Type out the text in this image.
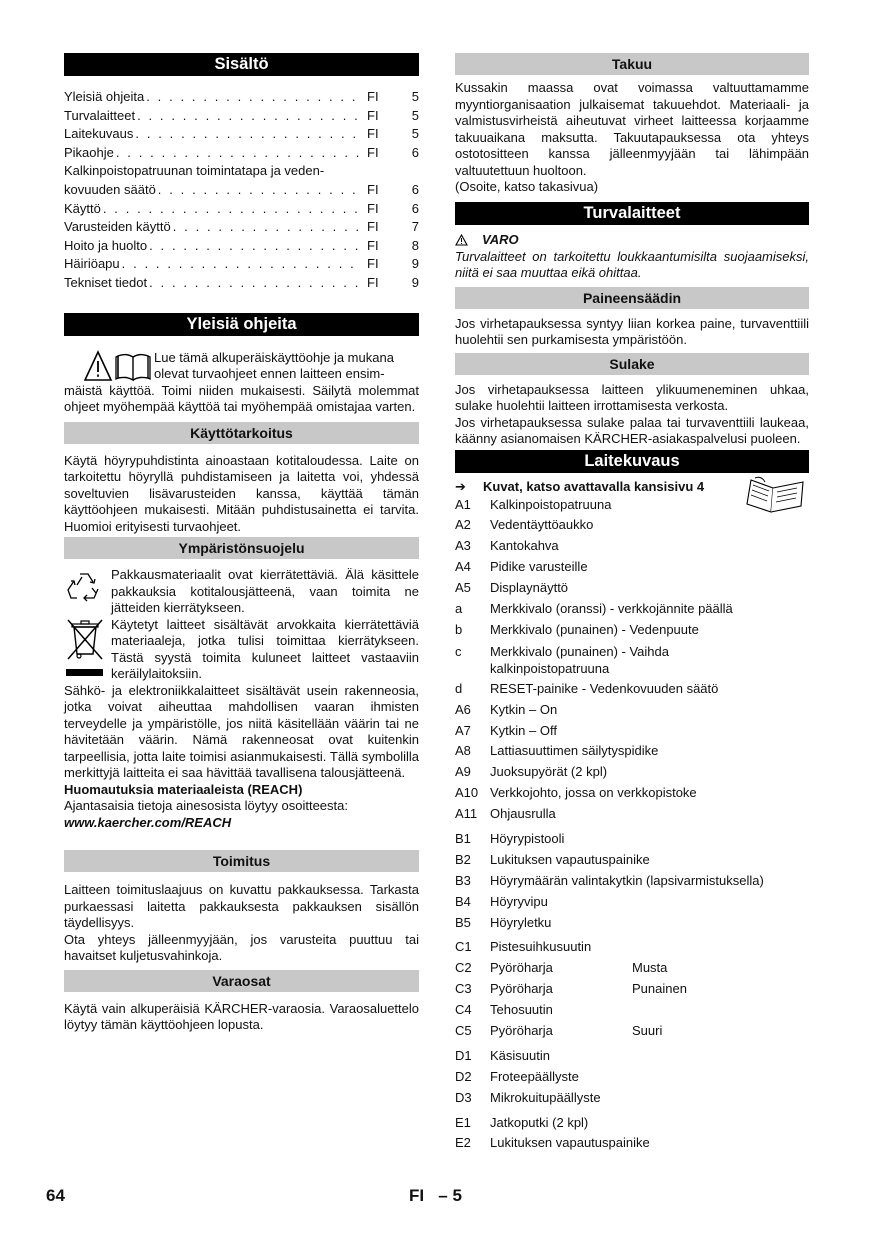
Sisältö
Yleisiä ohjeita . . .	FI	5
Turvalaitteet . . .	FI	5
Laitekuvaus . . .	FI	5
Pikaohje . . .	FI	6
Kalkinpoistopatruunan toimintatapa ja veden-
kovuuden säätö . . .	FI	6
Käyttö . . .	FI	6
Varusteiden käyttö . . .	FI	7
Hoito ja huolto . . .	FI	8
Häiriöapu . . .	FI	9
Tekniset tiedot . . .	FI	9
Yleisiä ohjeita

Lue tämä alkuperäiskäyttöohje ja mukana

olevat turvaohjeet ennen laitteen ensim-

mäistä käyttöä. Toimi niiden mukaisesti. Säilytä molemmat ohjeet myöhempää käyttöä tai myöhempää omistajaa varten.

Käyttötarkoitus

Käytä höyrypuhdistinta ainoastaan kotitaloudessa. Laite on tarkoitettu höyryllä puhdistamiseen ja laitetta voi, yhdessä soveltuvien lisävarusteiden kanssa, käyttää tämän käyttöohjeen mukaisesti. Mitään puhdistusainetta ei tarvita. Huomioi erityisesti turvaohjeet.

Ympäristönsuojelu

Pakkausmateriaalit ovat kierrätettäviä. Älä käsittele pakkauksia kotitalousjätteenä, vaan toimita ne jätteiden kierrätykseen.

Käytetyt laitteet sisältävät arvokkaita kierrätettäviä materiaaleja, jotka tulisi toimittaa kierrätykseen. Tästä syystä toimita kuluneet laitteet vastaaviin keräilylaitoksiin.

Sähkö- ja elektroniikkalaitteet sisältävät usein rakenneosia, jotka voivat aiheuttaa mahdollisen vaaran ihmisten terveydelle ja ympäristölle, jos niitä käsitellään väärin tai ne hävitetään väärin. Nämä rakenneosat ovat kuitenkin tarpeellisia, jotta laite toimisi asianmukaisesti. Tällä symbolilla merkittyjä laitteita ei saa hävittää tavallisena talousjätteenä.

Huomautuksia materiaaleista (REACH)

Ajantasaisia tietoja ainesosista löytyy osoitteesta:

www.kaercher.com/REACH

Toimitus

Laitteen toimituslaajuus on kuvattu pakkauksessa. Tarkasta purkaessasi laitetta pakkauksesta pakkauksen sisällön täydellisyys.

Ota yhteys jälleenmyyjään, jos varusteita puuttuu tai havaitset kuljetusvahinkoja.

Varaosat

Käytä vain alkuperäisiä KÄRCHER-varaosia. Varaosaluettelo löytyy tämän käyttöohjeen lopusta.

Takuu

Kussakin maassa ovat voimassa valtuuttamamme myyntiorganisaation julkaisemat takuuehdot. Materiaali- ja valmistusvirheistä aiheutuvat virheet laitteessa korjaamme takuuaikana maksutta. Takuutapauksessa ota yhteys ostotositteen kanssa jälleenmyyjään tai lähimpään valtuutettuun huoltoon.

(Osoite, katso takasivua)

Turvalaitteet
VARO

Turvalaitteet on tarkoitettu loukkaantumisilta suojaamiseksi, niitä ei saa muuttaa eikä ohittaa.

Paineensäädin

Jos virhetapauksessa syntyy liian korkea paine, turvaventtiili huolehtii sen purkamisesta ympäristöön.

Sulake

Jos virhetapauksessa laitteen ylikuumeneminen uhkaa, sulake huolehtii laitteen irrottamisesta verkosta.

Jos virhetapauksessa sulake palaa tai turvaventtiili laukeaa, käänny asianomaisen KÄRCHER-asiakaspalvelusi puoleen.

Laitekuvaus
➔	Kuvat, katso avattavalla kansisivu 4
A1	Kalkinpoistopatruuna
A2	Vedentäyttöaukko
A3	Kantokahva
A4	Pidike varusteille
A5	Displaynäyttö
a	Merkkivalo (oranssi) - verkkojännite päällä
b	Merkkivalo (punainen) - Vedenpuute
c	Merkkivalo (punainen) - Vaihda kalkinpoistopatruuna
d	RESET-painike - Vedenkovuuden säätö
A6	Kytkin – On
A7	Kytkin – Off
A8	Lattiasuuttimen säilytyspidike
A9	Juoksupyörät (2 kpl)
A10 Verkkojohto, jossa on verkkopistoke
A11 Ohjausrulla
B1	Höyrypistooli
B2	Lukituksen vapautuspainike
B3	Höyrymäärän valintakytkin (lapsivarmistuksella)
B4	Höyryvipu
B5	Höyryletku
C1	Pistesuihkusuutin
C2	Pyöröharja	Musta
C3	Pyöröharja	Punainen
C4	Tehosuutin
C5	Pyöröharja	Suuri
D1	Käsisuutin
D2	Froteepäällyste
D3	Mikrokuitupäällyste
E1	Jatkoputki (2 kpl)
E2	Lukituksen vapautuspainike
64	FI   – 5
